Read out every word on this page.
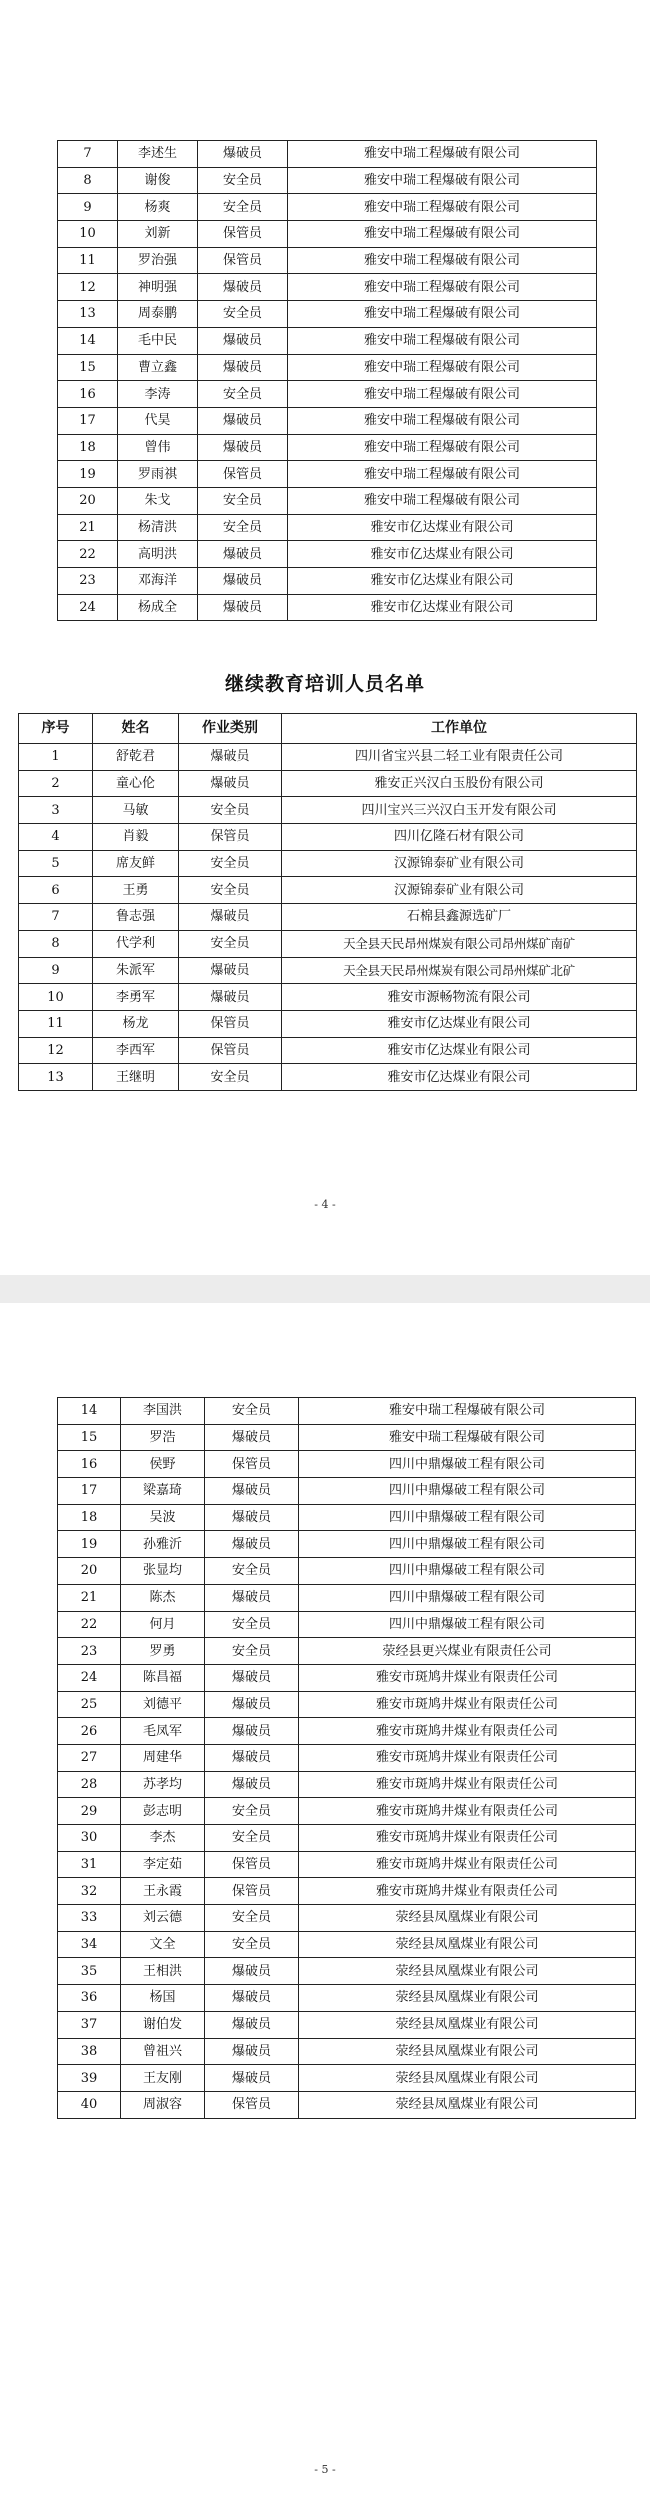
7	李述生	爆破员	雅安中瑞工程爆破有限公司
8	谢俊	安全员	雅安中瑞工程爆破有限公司
9	杨爽	安全员	雅安中瑞工程爆破有限公司
10	刘新	保管员	雅安中瑞工程爆破有限公司
11	罗治强	保管员	雅安中瑞工程爆破有限公司
12	神明强	爆破员	雅安中瑞工程爆破有限公司
13	周泰鹏	安全员	雅安中瑞工程爆破有限公司
14	毛中民	爆破员	雅安中瑞工程爆破有限公司
15	曹立鑫	爆破员	雅安中瑞工程爆破有限公司
16	李涛	安全员	雅安中瑞工程爆破有限公司
17	代昊	爆破员	雅安中瑞工程爆破有限公司
18	曾伟	爆破员	雅安中瑞工程爆破有限公司
19	罗雨祺	保管员	雅安中瑞工程爆破有限公司
20	朱戈	安全员	雅安中瑞工程爆破有限公司
21	杨清洪	安全员	雅安市亿达煤业有限公司
22	高明洪	爆破员	雅安市亿达煤业有限公司
23	邓海洋	爆破员	雅安市亿达煤业有限公司
24	杨成全	爆破员	雅安市亿达煤业有限公司
继续教育培训人员名单
序号	姓名	作业类别	工作单位
1	舒乾君	爆破员	四川省宝兴县二轻工业有限责任公司
2	童心伦	爆破员	雅安正兴汉白玉股份有限公司
3	马敏	安全员	四川宝兴三兴汉白玉开发有限公司
4	肖毅	保管员	四川亿隆石材有限公司
5	席友鲜	安全员	汉源锦泰矿业有限公司
6	王勇	安全员	汉源锦泰矿业有限公司
7	鲁志强	爆破员	石棉县鑫源选矿厂
8	代学利	安全员	天全县天民昂州煤炭有限公司昂州煤矿南矿
9	朱派军	爆破员	天全县天民昂州煤炭有限公司昂州煤矿北矿
10	李勇军	爆破员	雅安市源畅物流有限公司
11	杨龙	保管员	雅安市亿达煤业有限公司
12	李西军	保管员	雅安市亿达煤业有限公司
13	王继明	安全员	雅安市亿达煤业有限公司
- 4 -
14	李国洪	安全员	雅安中瑞工程爆破有限公司
15	罗浩	爆破员	雅安中瑞工程爆破有限公司
16	侯野	保管员	四川中鼎爆破工程有限公司
17	梁嘉琦	爆破员	四川中鼎爆破工程有限公司
18	吴波	爆破员	四川中鼎爆破工程有限公司
19	孙雅沂	爆破员	四川中鼎爆破工程有限公司
20	张显均	安全员	四川中鼎爆破工程有限公司
21	陈杰	爆破员	四川中鼎爆破工程有限公司
22	何月	安全员	四川中鼎爆破工程有限公司
23	罗勇	安全员	荥经县更兴煤业有限责任公司
24	陈昌福	爆破员	雅安市斑鸠井煤业有限责任公司
25	刘德平	爆破员	雅安市斑鸠井煤业有限责任公司
26	毛凤军	爆破员	雅安市斑鸠井煤业有限责任公司
27	周建华	爆破员	雅安市斑鸠井煤业有限责任公司
28	苏孝均	爆破员	雅安市斑鸠井煤业有限责任公司
29	彭志明	安全员	雅安市斑鸠井煤业有限责任公司
30	李杰	安全员	雅安市斑鸠井煤业有限责任公司
31	李定茹	保管员	雅安市斑鸠井煤业有限责任公司
32	王永霞	保管员	雅安市斑鸠井煤业有限责任公司
33	刘云德	安全员	荥经县凤凰煤业有限公司
34	文全	安全员	荥经县凤凰煤业有限公司
35	王相洪	爆破员	荥经县凤凰煤业有限公司
36	杨国	爆破员	荥经县凤凰煤业有限公司
37	谢伯发	爆破员	荥经县凤凰煤业有限公司
38	曾祖兴	爆破员	荥经县凤凰煤业有限公司
39	王友刚	爆破员	荥经县凤凰煤业有限公司
40	周淑容	保管员	荥经县凤凰煤业有限公司
- 5 -
